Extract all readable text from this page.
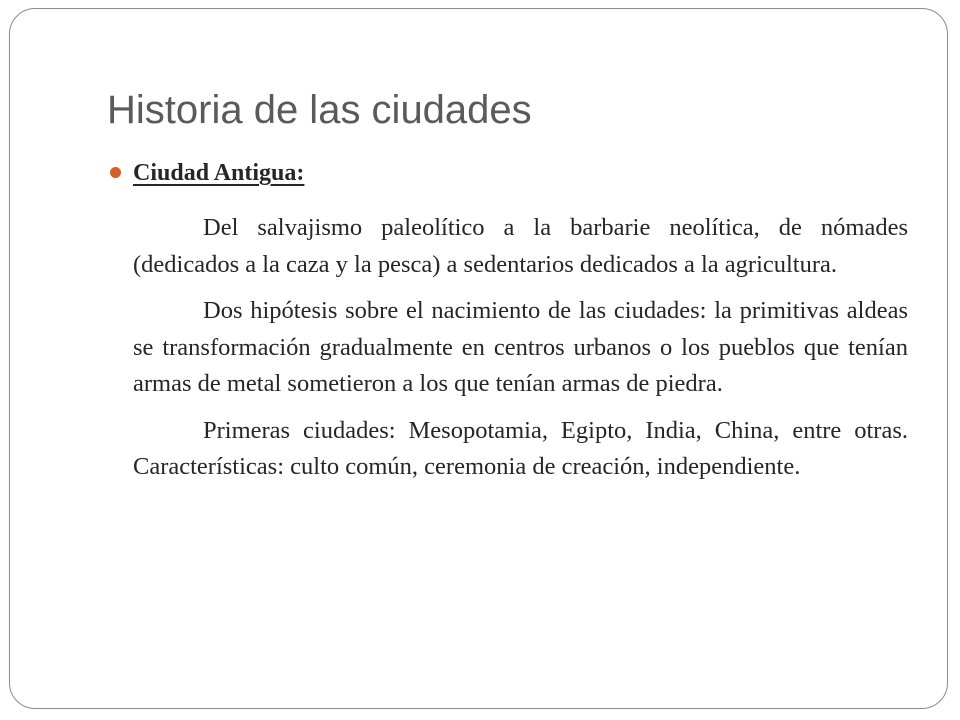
Historia de las ciudades
Ciudad Antigua:

Del salvajismo paleolítico a la barbarie neolítica, de nómades (dedicados a la caza y la pesca) a sedentarios dedicados a la agricultura.

Dos hipótesis sobre el nacimiento de las ciudades: la primitivas aldeas se transformación gradualmente en centros urbanos o los pueblos que tenían armas de metal sometieron a los que tenían armas de piedra.

Primeras ciudades: Mesopotamia, Egipto, India, China, entre otras. Características: culto común, ceremonia de creación, independiente.
